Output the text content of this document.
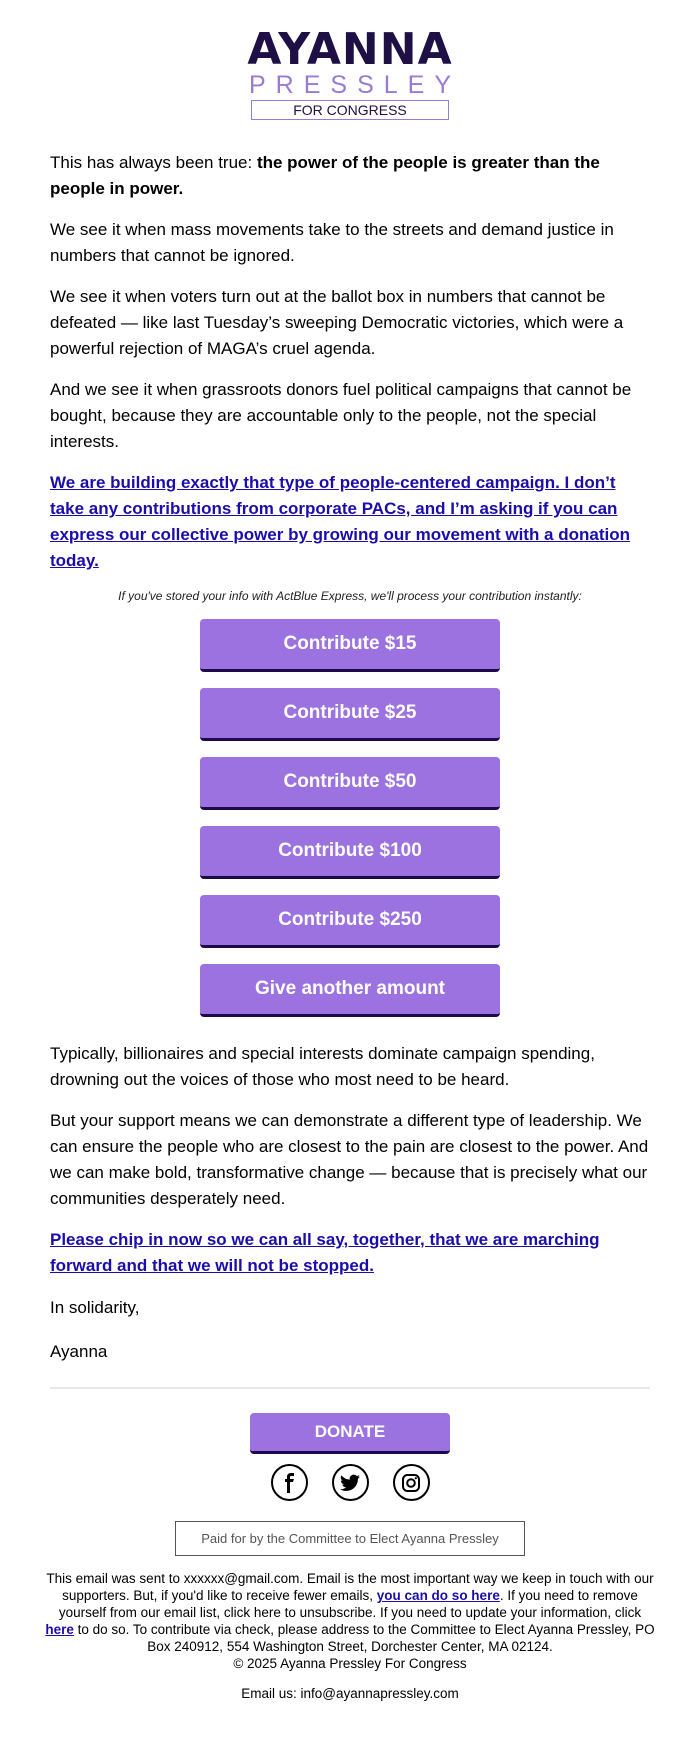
AYANNA
PRESSLEY
FOR CONGRESS

This has always been true: the power of the people is greater than the people in power.

We see it when mass movements take to the streets and demand justice in numbers that cannot be ignored.

We see it when voters turn out at the ballot box in numbers that cannot be defeated — like last Tuesday’s sweeping Democratic victories, which were a powerful rejection of MAGA’s cruel agenda.

And we see it when grassroots donors fuel political campaigns that cannot be bought, because they are accountable only to the people, not the special interests.

We are building exactly that type of people-centered campaign. I don’t take any contributions from corporate PACs, and I’m asking if you can express our collective power by growing our movement with a donation today.

If you've stored your info with ActBlue Express, we'll process your contribution instantly:
Contribute $15
Contribute $25
Contribute $50
Contribute $100
Contribute $250
Give another amount

Typically, billionaires and special interests dominate campaign spending, drowning out the voices of those who most need to be heard.

But your support means we can demonstrate a different type of leadership. We can ensure the people who are closest to the pain are closest to the power. And we can make bold, transformative change — because that is precisely what our communities desperately need.

Please chip in now so we can all say, together, that we are marching forward and that we will not be stopped.

In solidarity,

Ayanna

DONATE
Paid for by the Committee to Elect Ayanna Pressley
This email was sent to xxxxxx@gmail.com. Email is the most important way we keep in touch with our supporters. But, if you'd like to receive fewer emails, you can do so here. If you need to remove yourself from our email list, click here to unsubscribe. If you need to update your information, click here to do so. To contribute via check, please address to the Committee to Elect Ayanna Pressley, PO Box 240912, 554 Washington Street, Dorchester Center, MA 02124.
© 2025 Ayanna Pressley For Congress
Email us: info@ayannapressley.com
